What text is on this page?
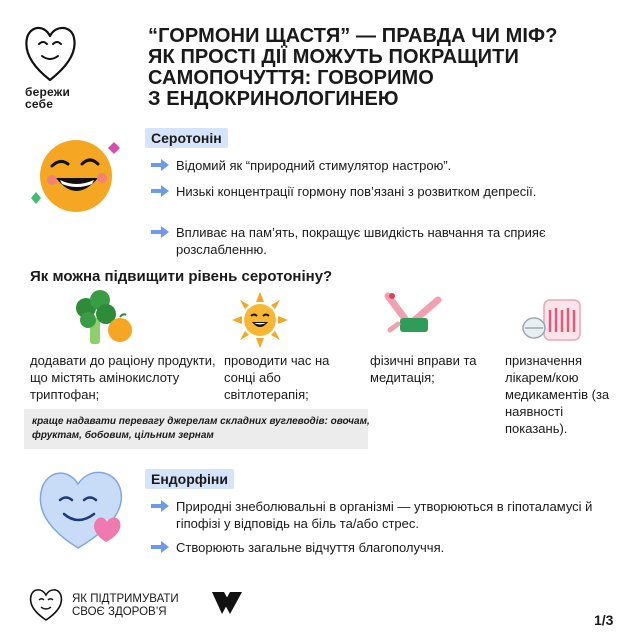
бережи
себе
“ГОРМОНИ ЩАСТЯ” — ПРАВДА ЧИ МІФ?
ЯК ПРОСТІ ДІЇ МОЖУТЬ ПОКРАЩИТИ
САМОПОЧУТТЯ: ГОВОРИМО
З ЕНДОКРИНОЛОГИНЕЮ
Серотонін
Відомий як “природний стимулятор настрою”.
Низькі концентрації гормону пов’язані з розвитком депресії.
Впливає на пам’ять, покращує швидкість навчання та сприяє розслабленню.
Як можна підвищити рівень серотоніну?
додавати до раціону продукти, що містять амінокислоту триптофан;
проводити час на сонці або світлотерапія;
фізичні вправи та медитація;
призначення лікарем/кою медикаментів (за наявності показань).
краще надавати перевагу джерелам складних вуглеводів: овочам, фруктам, бобовим, цільним зернам
Ендорфіни
Природні знеболювальні в організмі — утворюються в гіпоталамусі й гіпофізі у відповідь на біль та/або стрес.
Створюють загальне відчуття благополуччя.
ЯК ПІДТРИМУВАТИ
СВОЄ ЗДОРОВ’Я	1/3
